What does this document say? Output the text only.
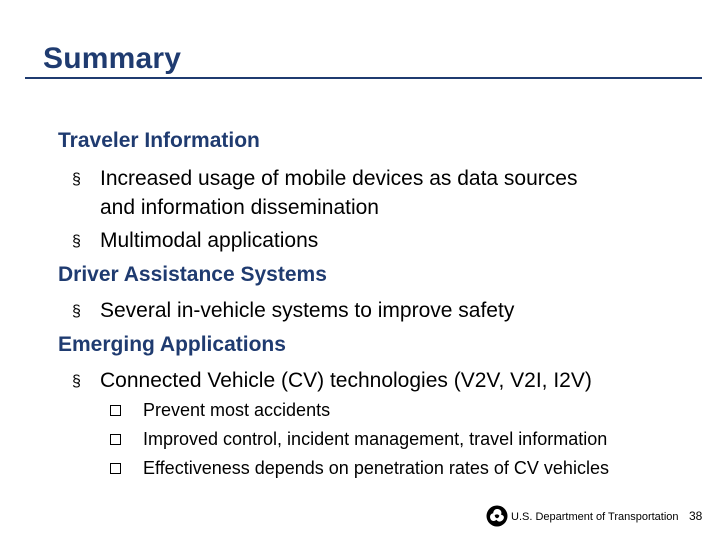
Summary
Traveler Information
§ Increased usage of mobile devices as data sources
and information dissemination
§ Multimodal applications
Driver Assistance Systems
§ Several in-vehicle systems to improve safety
Emerging Applications
§ Connected Vehicle (CV) technologies (V2V, V2I, I2V)
Prevent most accidents
Improved control, incident management, travel information
Effectiveness depends on penetration rates of CV vehicles
U.S. Department of Transportation 38
